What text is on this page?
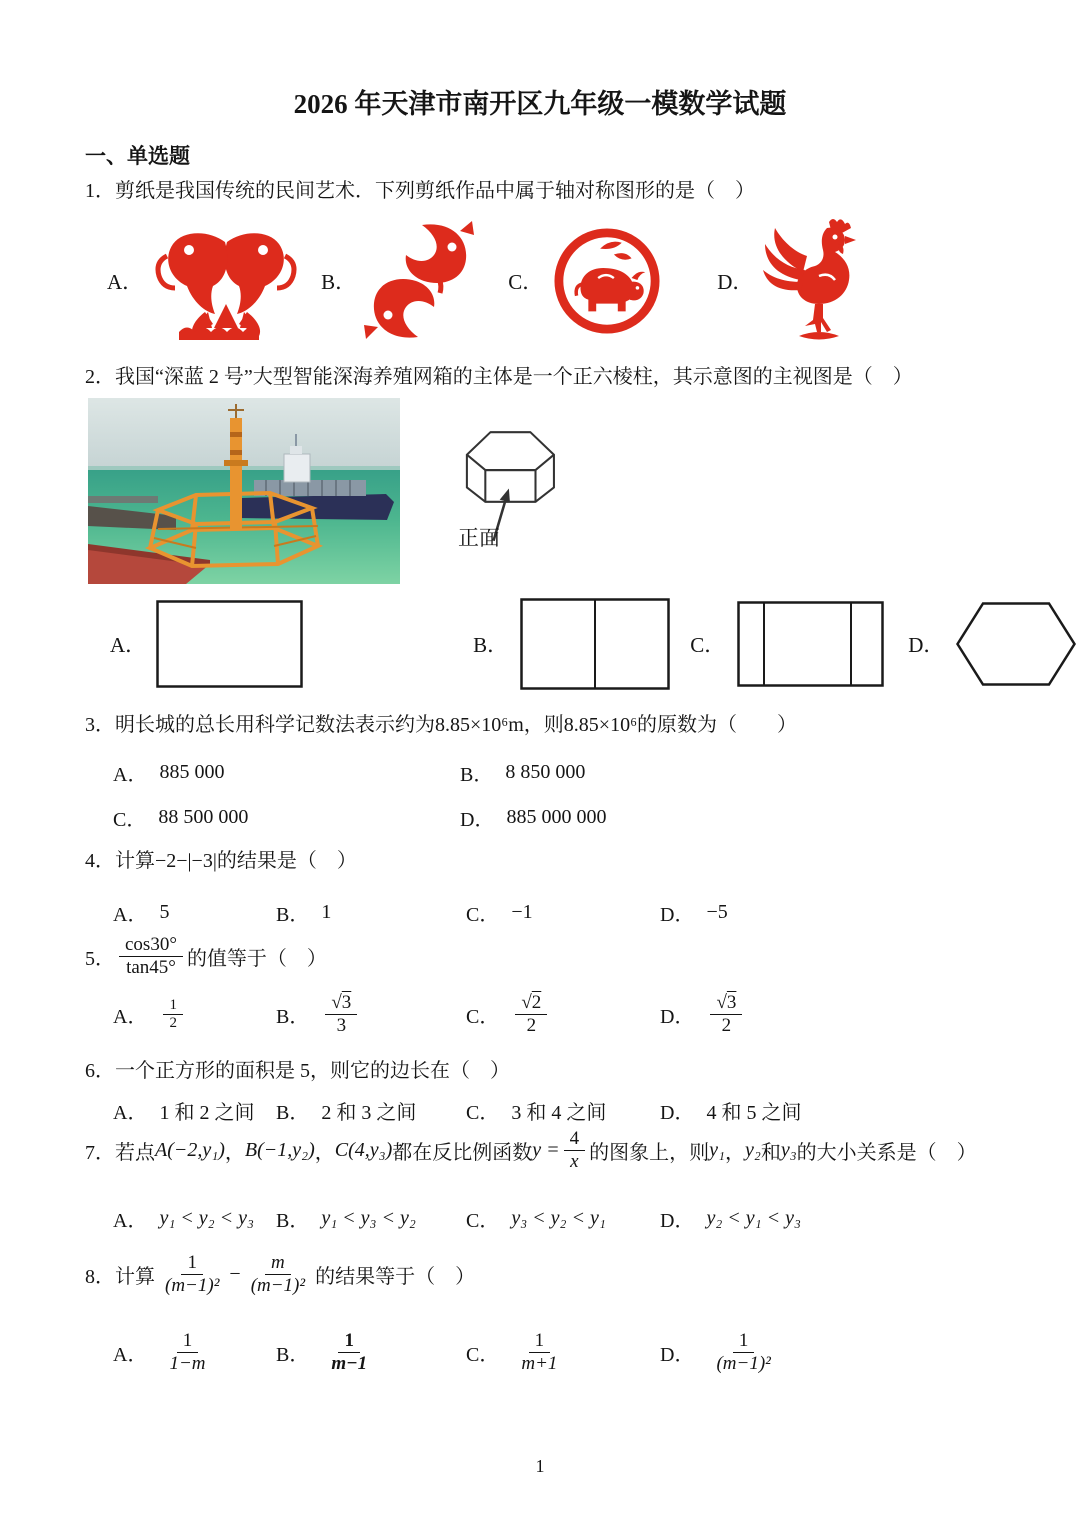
2026 年天津市南开区九年级一模数学试题
一、单选题
1．剪纸是我国传统的民间艺术．下列剪纸作品中属于轴对称图形的是（　）
A．	B．	C．	D．
2．我国“深蓝 2 号”大型智能深海养殖网箱的主体是一个正六棱柱，其示意图的主视图是（　）
正面
A．	B．	C．	D．
3．明长城的总长用科学记数法表示约为8.85×10⁶m，则8.85×10⁶的原数为（　　）
A． 885 000	B． 8 850 000
C． 88 500 000	D． 885 000 000
4．计算−2−|−3|的结果是（　）
A． 5	B． 1	C． −1	D． −5
5． $\frac{\cos 30^\circ}{\tan 45^\circ}$ 的值等于（　）
A． $\frac{1}{2}$	B． $\frac{√3}{3}$	C． $\frac{√2}{2}$	D． $\frac{√3}{2}$
6．一个正方形的面积是 5，则它的边长在（　）
A． 1 和 2 之间 B． 2 和 3 之间 C． 3 和 4 之间	D． 4 和 5 之间
7．若点 A(−2,y₁) ， B(−1,y₂) ， C(4,y₃) 都在反比例函数 $y = \frac{4}{x}$ 的图象上，则 y₁ ， y₂ 和 y₃ 的大小关系是（　）
A． y₁ < y₂ < y₃ B． y₁ < y₃ < y₂	C． y₃ < y₂ < y₁	D． y₂ < y₁ < y₃
8．计算 $\frac{1}{\text{(m−1)²}} - \frac{m}{\text{(m−1)²}}$ 的结果等于（　）
A． $\frac{1}{1-m}$	B． $\frac{1}{m-1}$	C． $\frac{1}{m+1}$	D． $\frac{1}{\text{(m−1)²}}$
1
